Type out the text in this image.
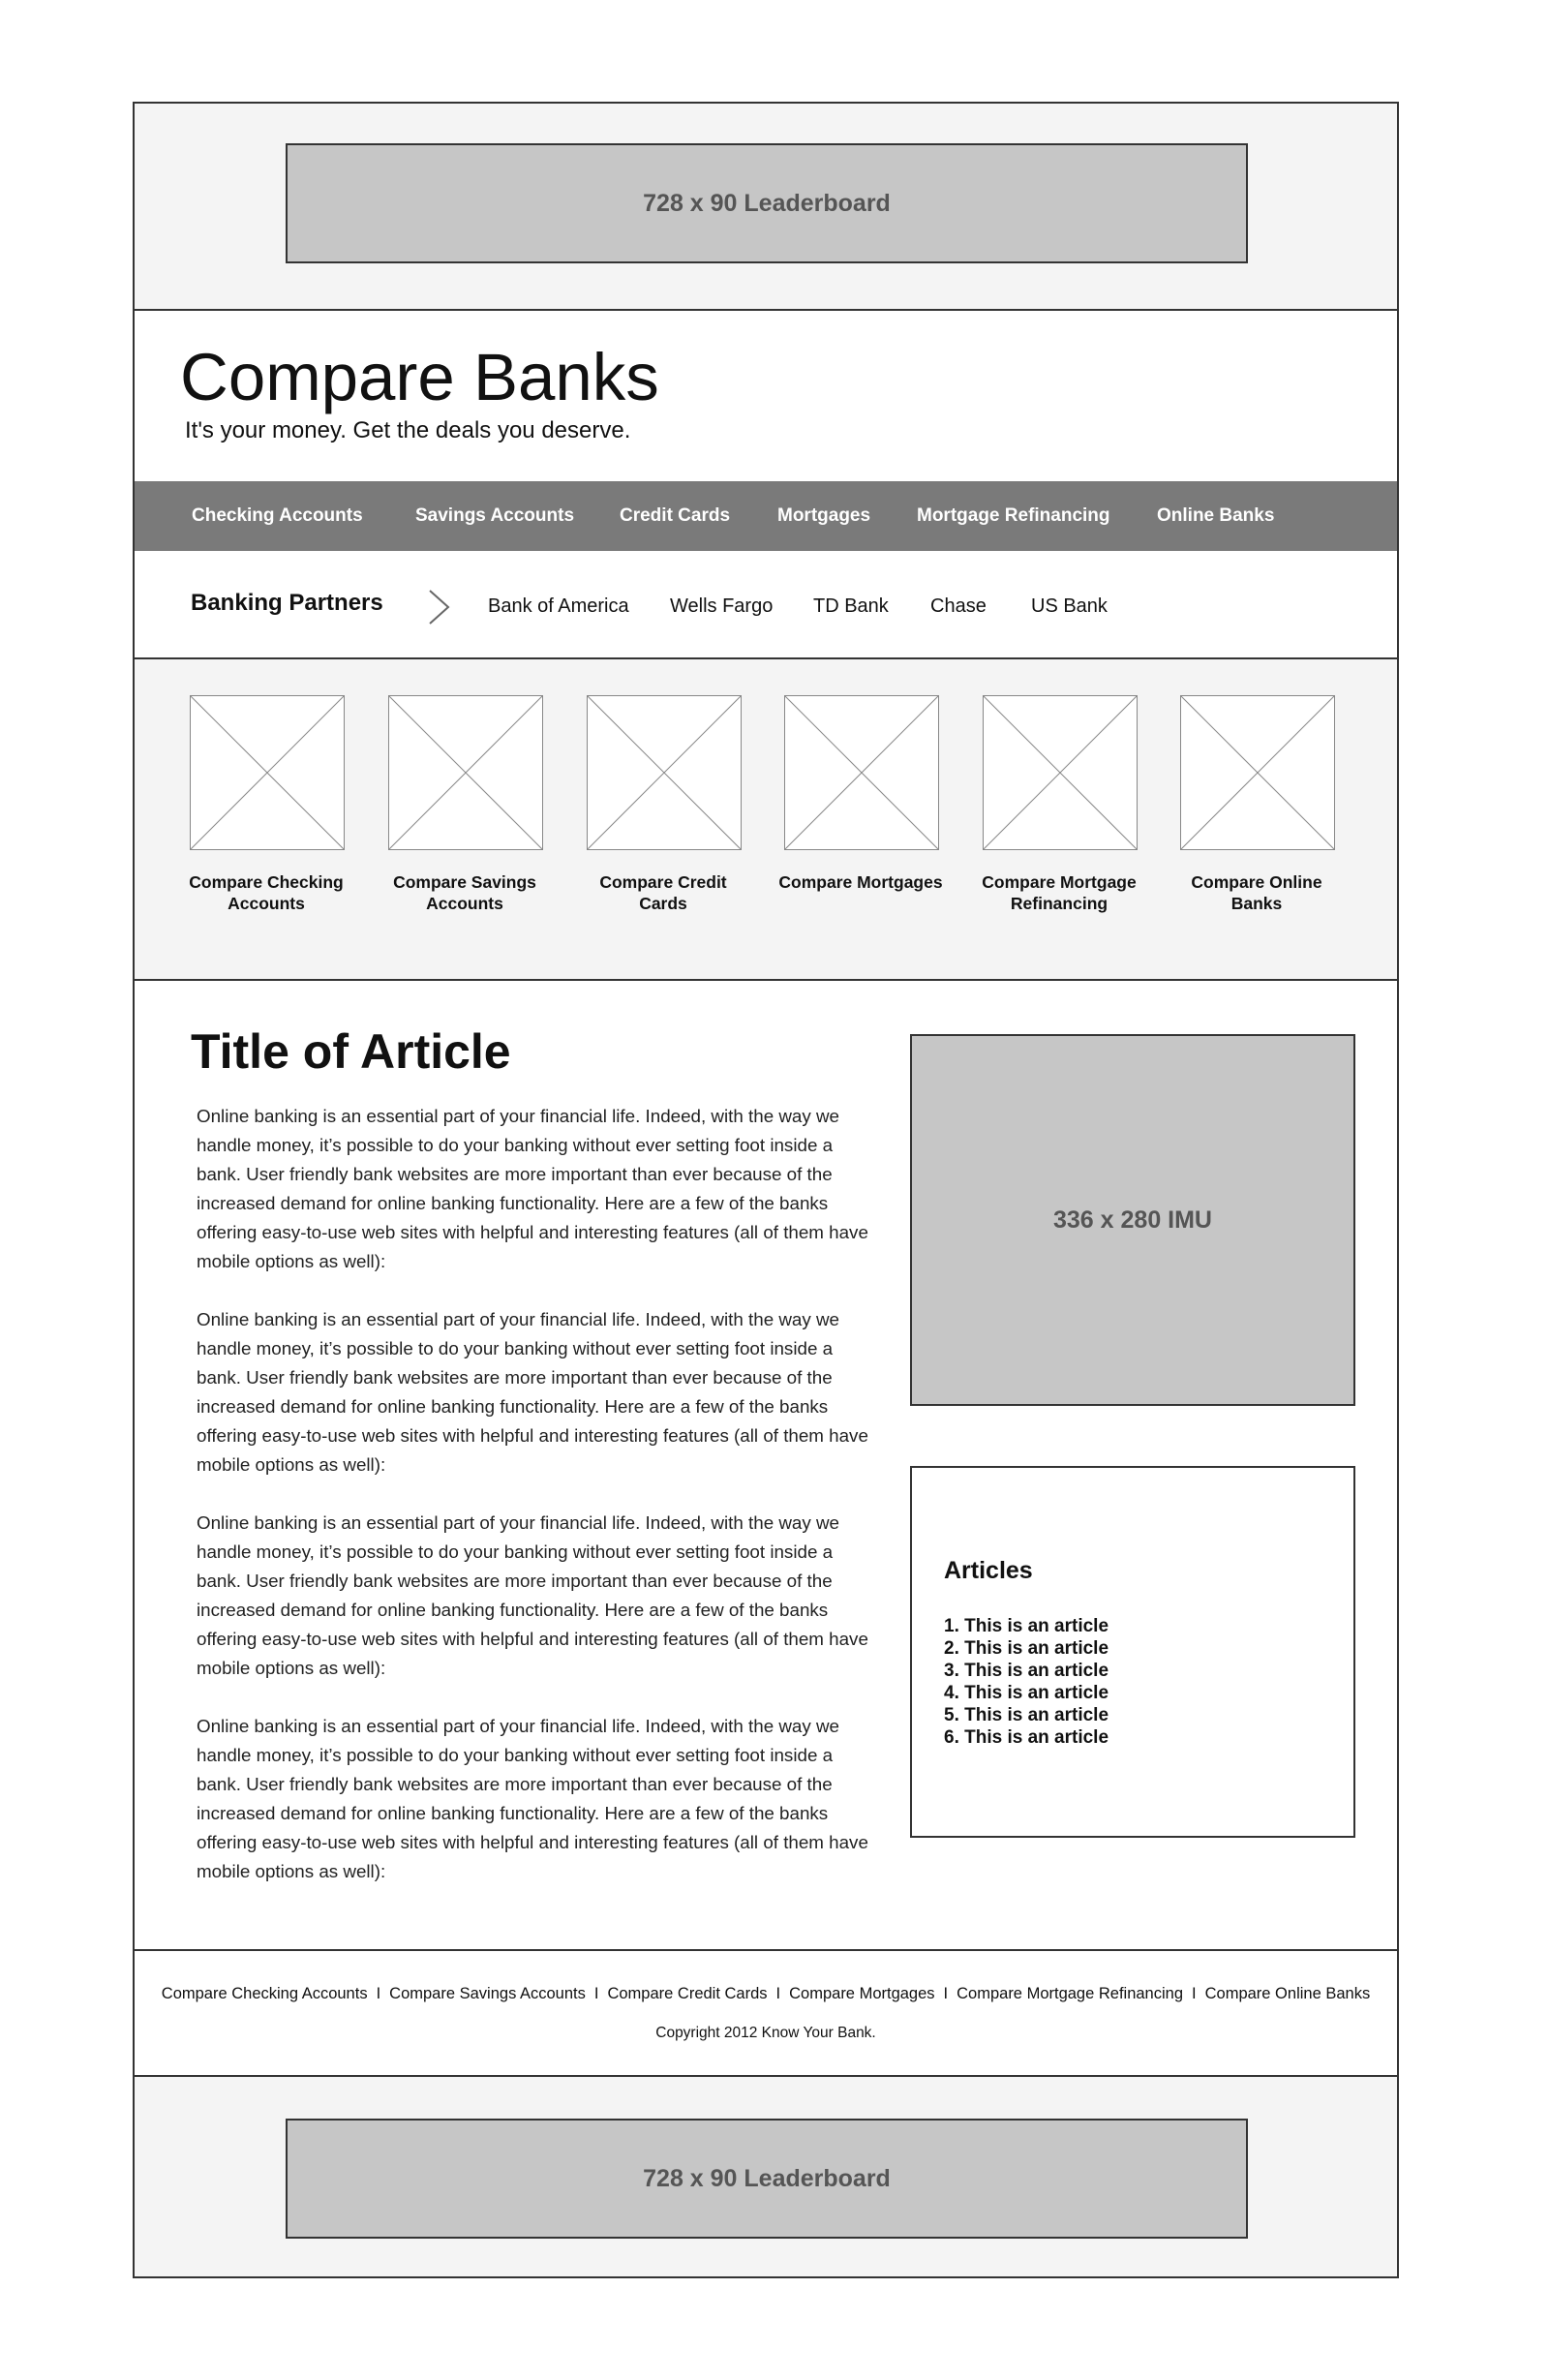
728 x 90 Leaderboard
Compare Banks
It's your money. Get the deals you deserve.
Checking Accounts	Savings Accounts Credit Cards	Mortgages	Mortgage Refinancing	Online Banks
Banking Partners	Bank of America Wells Fargo TD Bank Chase US Bank
Compare Checking
Accounts
Compare Savings
Accounts
Compare Credit
Cards
Compare Mortgages	Compare Mortgage
Refinancing
Compare Online
Banks
Title of Article

Online banking is an essential part of your financial life. Indeed, with the way we handle money, it’s possible to do your banking without ever setting foot inside a bank. User friendly bank websites are more important than ever because of the increased demand for online banking functionality. Here are a few of the banks offering easy-to-use web sites with helpful and interesting features (all of them have mobile options as well):

Online banking is an essential part of your financial life. Indeed, with the way we handle money, it’s possible to do your banking without ever setting foot inside a bank. User friendly bank websites are more important than ever because of the increased demand for online banking functionality. Here are a few of the banks offering easy-to-use web sites with helpful and interesting features (all of them have mobile options as well):

Online banking is an essential part of your financial life. Indeed, with the way we handle money, it’s possible to do your banking without ever setting foot inside a bank. User friendly bank websites are more important than ever because of the increased demand for online banking functionality. Here are a few of the banks offering easy-to-use web sites with helpful and interesting features (all of them have mobile options as well):

Online banking is an essential part of your financial life. Indeed, with the way we handle money, it’s possible to do your banking without ever setting foot inside a bank. User friendly bank websites are more important than ever because of the increased demand for online banking functionality. Here are a few of the banks offering easy-to-use web sites with helpful and interesting features (all of them have mobile options as well):

336 x 280 IMU
Articles
1. This is an article
2. This is an article
3. This is an article
4. This is an article
5. This is an article
6. This is an article
Compare Checking Accounts I Compare Savings Accounts I Compare Credit Cards I Compare Mortgages I Compare Mortgage Refinancing I Compare Online Banks
Copyright 2012 Know Your Bank.
728 x 90 Leaderboard
